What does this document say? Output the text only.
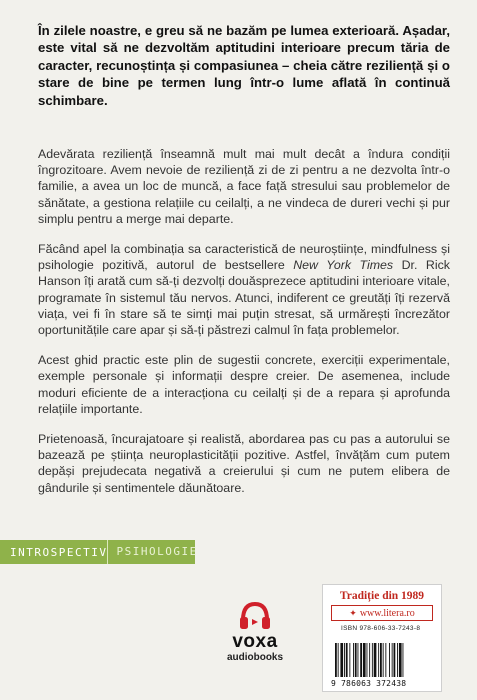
În zilele noastre, e greu să ne bazăm pe lumea exterioară. Așadar, este vital să ne dezvoltăm aptitudini interioare precum tăria de caracter, recunoștința și compasiunea – cheia către reziliență și o stare de bine pe termen lung într-o lume aflată în continuă schimbare.

Adevărata reziliență înseamnă mult mai mult decât a îndura condiții îngrozitoare. Avem nevoie de reziliență zi de zi pentru a ne dezvolta într-o familie, a avea un loc de muncă, a face față stresului sau problemelor de sănătate, a gestiona relațiile cu ceilalți, a ne vindeca de dureri vechi și pur simplu pentru a merge mai departe.

Făcând apel la combinația sa caracteristică de neuroștiințe, mindfulness și psihologie pozitivă, autorul de bestsellere New York Times Dr. Rick Hanson îți arată cum să-ți dezvolți douăsprezece aptitudini interioare vitale, programate în sistemul tău nervos. Atunci, indiferent ce greutăți îți rezervă viața, vei fi în stare să te simți mai puțin stresat, să urmărești încrezător oportunitățile care apar și să-ți păstrezi calmul în fața problemelor.

Acest ghid practic este plin de sugestii concrete, exerciții experimentale, exemple personale și informații despre creier. De asemenea, include moduri eficiente de a interacționa cu ceilalți și de a repara și aprofunda relațiile importante.

Prietenoasă, încurajatoare și realistă, abordarea pas cu pas a autorului se bazează pe știința neuroplasticității pozitive. Astfel, învățăm cum putem depăși prejudecata negativă a creierului și cum ne putem elibera de gândurile și sentimentele dăunătoare.

INTROSPECTIV PSIHOLOGIE
voxa
audiobooks
Tradiție din 1989
✦ www.litera.ro
ISBN 978-606-33-7243-8
9 786063 372438
